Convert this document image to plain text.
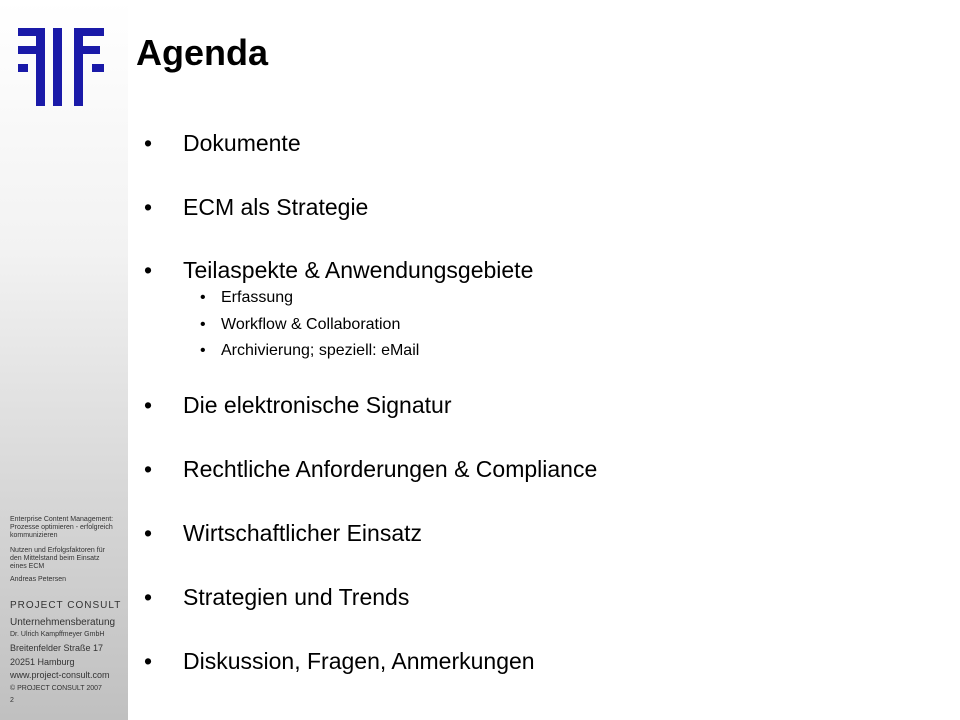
Enterprise Content Management:
Prozesse optimieren - erfolgreich
kommunizieren
Nutzen und Erfolgsfaktoren für
den Mittelstand beim Einsatz
eines ECM
Andreas Petersen
PROJECT CONSULT
Unternehmensberatung
Dr. Ulrich Kampffmeyer GmbH
Breitenfelder Straße 17
20251 Hamburg
www.project-consult.com
© PROJECT CONSULT 2007
2
Agenda
• Dokumente
• ECM als Strategie
• Teilaspekte & Anwendungsgebiete
• Erfassung
• Workflow & Collaboration
• Archivierung; speziell: eMail
• Die elektronische Signatur
• Rechtliche Anforderungen & Compliance
• Wirtschaftlicher Einsatz
• Strategien und Trends
• Diskussion, Fragen, Anmerkungen
